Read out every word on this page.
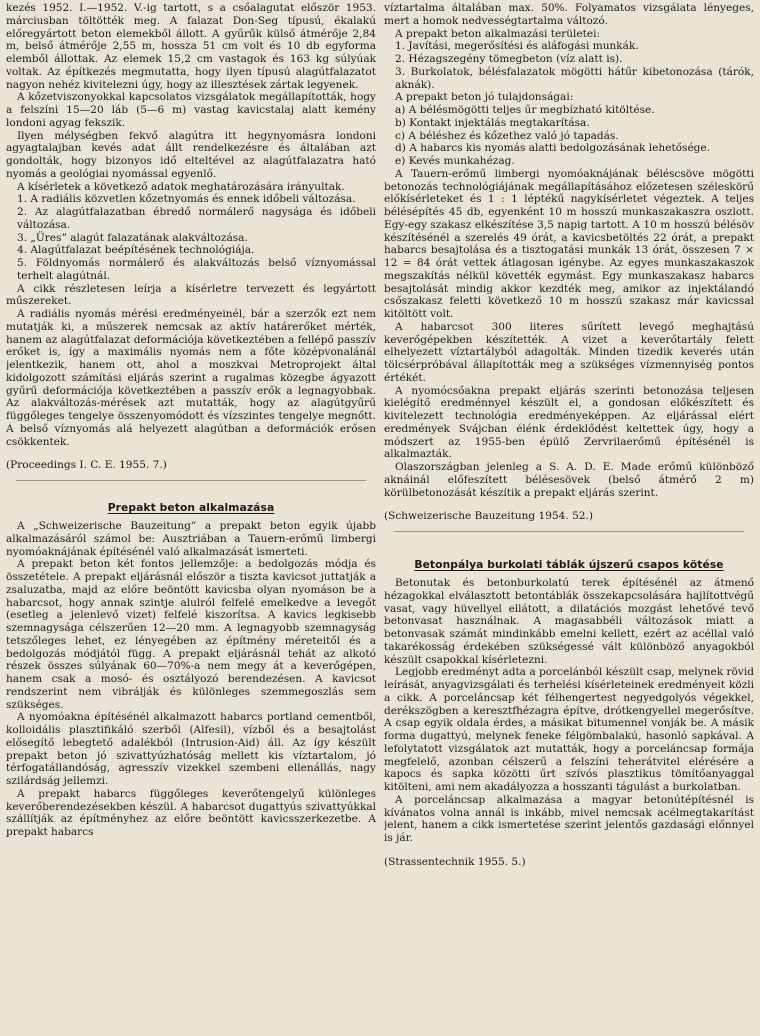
kezés 1952. I.—1952. V.-ig tartott, s a csőalagutat először 1953. márciusban töltötték meg. A falazat Don-Seg típusú, ékalakú előregyártott beton elemekből állott. A gyűrűk külső átmérője 2,84 m, belső átmérője 2,55 m, hossza 51 cm volt és 10 db egyforma elemből állottak. Az elemek 15,2 cm vastagok és 163 kg súlyúak voltak. Az építkezés megmutatta, hogy ilyen típusú alagútfalazatot nagyon nehéz kivitelezni úgy, hogy az illesztések zártak legyenek.

A kőzetviszonyokkal kapcsolatos vizsgálatok megállapították, hogy a felszíni 15—20 láb (5—6 m) vastag kavicstalaj alatt kemény londoni agyag fekszik.

Ilyen mélységben fekvő alagútra itt hegynyomásra londoni agyagtalajban kevés adat állt rendelkezésre és általában azt gondolták, hogy bizonyos idő elteltével az alagútfalazatra ható nyomás a geológiai nyomással egyenlő.

A kísérletek a következő adatok meghatározására irányultak.

1. A radiális közvetlen kőzetnyomás és ennek időbeli változása.

2. Az alagútfalazatban ébredő normálerő nagysága és időbeli változása.

3. „Üres” alagút falazatának alakváltozása.

4. Alagútfalazat beépítésének technológiája.

5. Földnyomás normálerő és alakváltozás belső víznyomással terhelt alagútnál.

A cikk részletesen leírja a kísérletre tervezett és legyártott műszereket.

A radiális nyomás mérési eredményeinél, bár a szerzők ezt nem mutatják ki, a műszerek nemcsak az aktív határerőket mérték, hanem az alagútfalazat deformációja következtében a fellépő passzív erőket is, így a maximális nyomás nem a főte középvonalánál jelentkezik, hanem ott, ahol a moszkvai Metroprojekt által kidolgozott számítási eljárás szerint a rugalmas közegbe ágyazott gyűrű deformációja következtében a passzív erők a legnagyobbak. Az alakváltozás-mérések azt mutatták, hogy az alagútgyűrű függőleges tengelye összenyomódott és vízszintes tengelye megnőtt. A belső víznyomás alá helyezett alagútban a deformációk erősen csökkentek.

(Proceedings I. C. E. 1955. 7.)

Prepakt beton alkalmazása

A „Schweizerische Bauzeitung” a prepakt beton egyik újabb alkalmazásáról számol be: Ausztriában a Tauern-erőmű limbergi nyomóaknájának építésénél való alkalmazását ismerteti.

A prepakt beton két fontos jellemzője: a bedolgozás módja és összetétele. A prepakt eljárásnál először a tiszta kavicsot juttatják a zsaluzatba, majd az előre beöntött kavicsba olyan nyomáson be a habarcsot, hogy annak szintje alulról felfelé emelkedve a levegőt (esetleg a jelenlevő vizet) felfelé kiszorítsa. A kavics legkisebb szemnagysága célszerűen 12—20 mm. A legnagyobb szemnagyság tetszőleges lehet, ez lényegében az építmény méreteitől és a bedolgozás módjától függ. A prepakt eljárásnál tehát az alkotó részek összes súlyának 60—70%-a nem megy át a keverőgépen, hanem csak a mosó- és osztályozó berendezésen. A kavicsot rendszerint nem vibrálják és különleges szemmegoszlás sem szükséges.

A nyomóakna építésénél alkalmazott habarcs portland cementből, kolloidális plasztifikáló szerből (Alfesil), vízből és a besajtolást elősegítő lebegtető adalékból (Intrusion-Aid) áll. Az így készült prepakt beton jó szivattyúzhatóság mellett kis víztartalom, jó térfogatállandóság, agresszív vizekkel szembeni ellenállás, nagy szilárdság jellemzi.

A prepakt habarcs függőleges keverőtengelyű különleges keverőberendezésekben készül. A habarcsot dugattyús szivattyúkkal szállítják az építményhez az előre beöntött kavicsszerkezetbe. A prepakt habarcs

víztartalma általában max. 50%. Folyamatos vizsgálata lényeges, mert a homok nedvességtartalma változó.

A prepakt beton alkalmazási területei:

1. Javítási, megerősítési és aláfogási munkák.

2. Hézagszegény tömegbeton (víz alatt is).

3. Burkolatok, bélésfalazatok mögötti hátűr kibetonozása (tárók, aknák).

A prepakt beton jó tulajdonságai:

a) A bélésmögötti teljes űr megbízható kitöltése.

b) Kontakt injektálás megtakarítása.

c) A béléshez és kőzethez való jó tapadás.

d) A habarcs kis nyomás alatti bedolgozásának lehetősége.

e) Kevés munkahézag.

A Tauern-erőmű limbergi nyomóaknájának béléscsöve mögötti betonozás technológiájának megállapításához előzetesen széleskörű előkísérleteket és 1 : 1 léptékű nagykísérletet végeztek. A teljes bélésépítés 45 db, egyenként 10 m hosszú munkaszakaszra oszlott. Egy-egy szakasz elkészítése 3,5 napig tartott. A 10 m hosszú bélésöv készítésénél a szerelés 49 órát, a kavicsbetöltés 22 órát, a prepakt habarcs besajtolása és a tisztogatási munkák 13 órát, összesen 7 × 12 = 84 órát vettek átlagosan igénybe. Az egyes munkaszakaszok megszakítás nélkül követték egymást. Egy munkaszakasz habarcs besajtolását mindig akkor kezdték meg, amikor az injektálandó csőszakasz feletti következő 10 m hosszú szakasz már kavicssal kitöltött volt.

A habarcsot 300 literes sűrített levegő meghajtású keverőgépekben készítették. A vizet a keverőtartály felett elhelyezett víztartályból adagolták. Minden tizedik keverés után tölcsérpróbával állapították meg a szükséges vízmennyiség pontos értékét.

A nyomócsőakna prepakt eljárás szerinti betonozása teljesen kielégítő eredménnyel készült el, a gondosan előkészített és kivitelezett technológia eredményeképpen. Az eljárással elért eredmények Svájcban élénk érdeklődést keltettek úgy, hogy a módszert az 1955-ben épülő Zervrilaerőmű építésénél is alkalmazták.

Olaszországban jelenleg a S. A. D. E. Made erőmű különböző aknáinál előfeszített bélésesövek (belső átmérő 2 m) körülbetonozását készítik a prepakt eljárás szerint.

(Schweizerische Bauzeitung 1954. 52.)

Betonpálya burkolati táblák újszerű csapos kötése

Betonutak és betonburkolatú terek építésénél az átmenő hézagokkal elválasztott betontáblák összekapcsolására hajlítottvégű vasat, vagy hüvellyel ellátott, a dilatációs mozgást lehetővé tevő betonvasat használnak. A magasabbéli változások miatt a betonvasak számát mindinkább emelni kellett, ezért az acéllal való takarékosság érdekében szükségessé vált különböző anyagokból készült csapokkal kísérletezni.

Legjobb eredményt adta a porcelánból készült csap, melynek rövid leírását, anyagvizsgálati és terhelési kísérleteinek eredményeit közli a cikk. A porceláncsap két félhengertest negyedgolyós végekkel, derékszögben a keresztfhézagra építve, drótkengyellel megerősítve. A csap egyik oldala érdes, a másikat bitumennel vonják be. A másik forma dugattyú, melynek feneke félgömbalakú, hasonló sapkával. A lefolytatott vizsgálatok azt mutatták, hogy a porceláncsap formája megfelelő, azonban célszerű a felszíni teherátvitel elérésére a kapocs és sapka közötti űrt szívós plasztikus tömítőanyaggal kitölteni, ami nem akadályozza a hosszanti tágulást a burkolatban.

A porceláncsap alkalmazása a magyar betonútépítésnél is kívánatos volna annál is inkább, mivel nemcsak acélmegtakarítást jelent, hanem a cikk ismertetése szerint jelentős gazdasági előnnyel is jár.

(Strassentechnik 1955. 5.)
